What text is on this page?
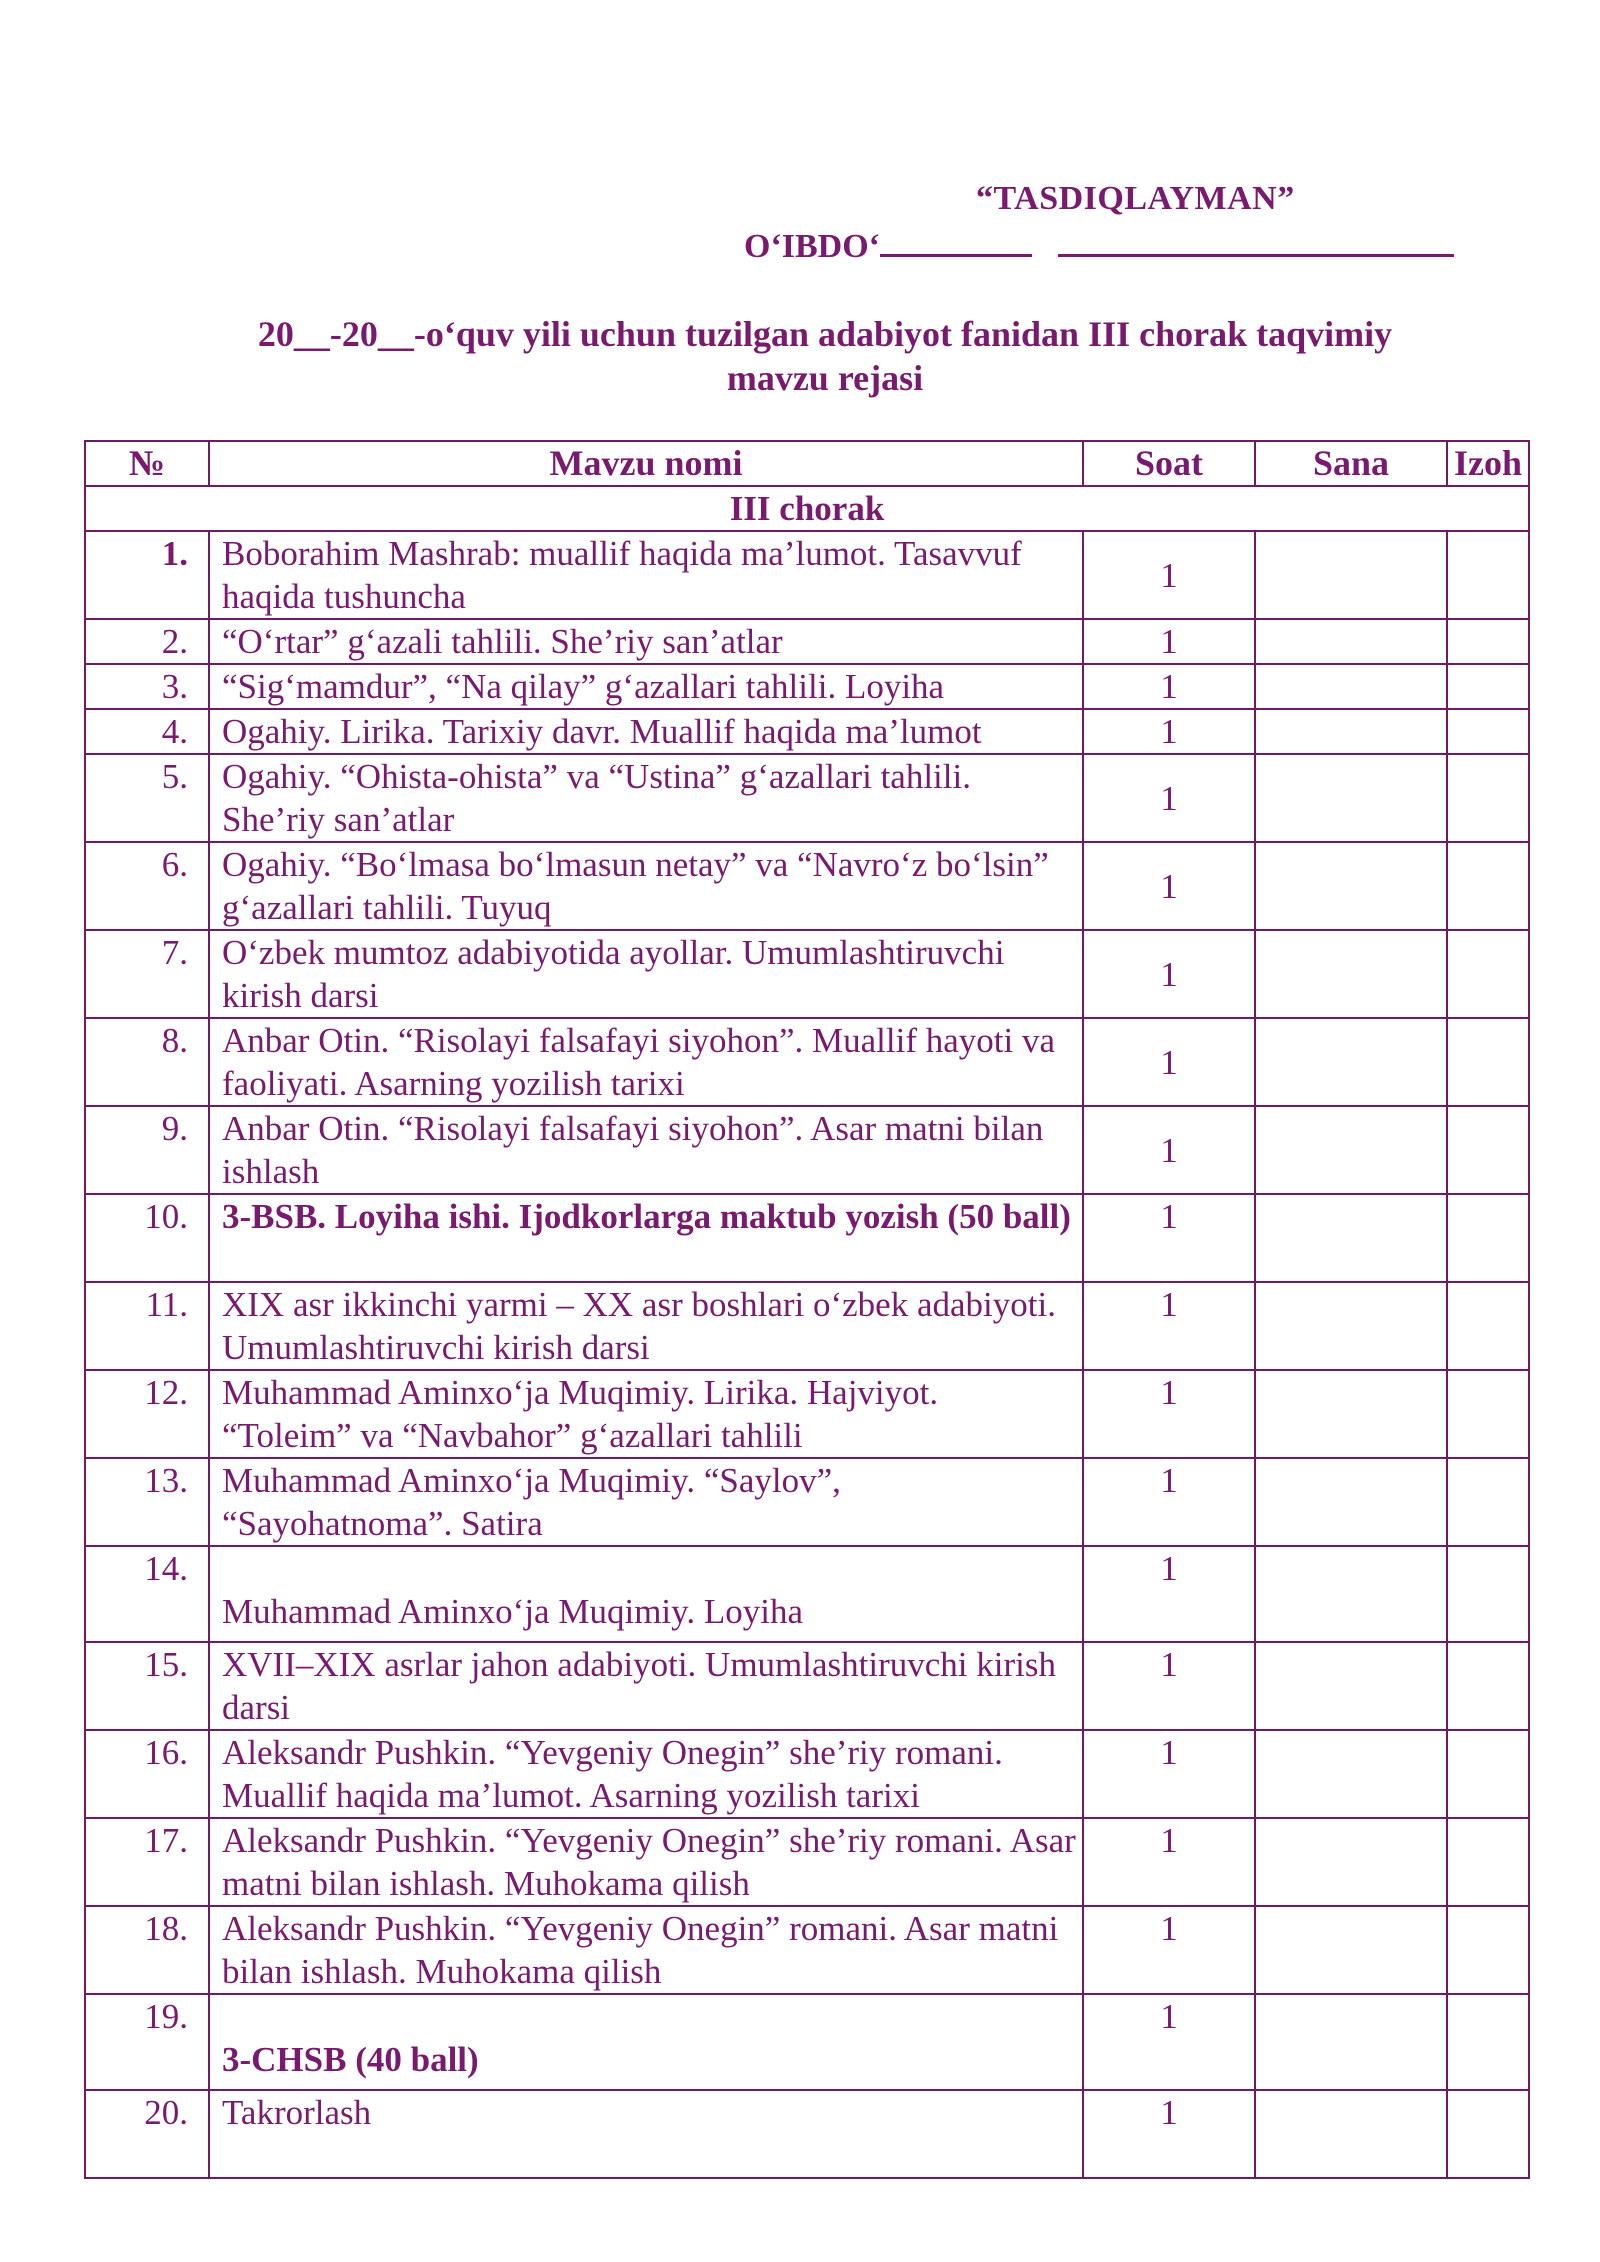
“TASDIQLAYMAN”
O‘IBDO‘
20__-20__-o‘quv yili uchun tuzilgan adabiyot fanidan III chorak taqvimiy
mavzu rejasi
№	Mavzu nomi	Soat	Sana	Izoh
III chorak				
1.	Boborahim Mashrab: muallif haqida ma’lumot. Tasavvuf haqida tushuncha	1		
2.	“O‘rtar” g‘azali tahlili. She’riy san’atlar	1		
3.	“Sig‘mamdur”, “Na qilay” g‘azallari tahlili. Loyiha	1		
4.	Ogahiy. Lirika. Tarixiy davr. Muallif haqida ma’lumot	1		
5.	Ogahiy. “Ohista-ohista” va “Ustina” g‘azallari tahlili. She’riy san’atlar	1		
6.	Ogahiy. “Bo‘lmasa bo‘lmasun netay” va “Navro‘z bo‘lsin” g‘azallari tahlili. Tuyuq	1		
7.	O‘zbek mumtoz adabiyotida ayollar. Umumlashtiruvchi kirish darsi	1		
8.	Anbar Otin. “Risolayi falsafayi siyohon”. Muallif hayoti va faoliyati. Asarning yozilish tarixi	1		
9.	Anbar Otin. “Risolayi falsafayi siyohon”. Asar matni bilan ishlash	1		
10.	3-BSB. Loyiha ishi. Ijodkorlarga maktub yozish (50 ball)	1		
11.	XIX asr ikkinchi yarmi – XX asr boshlari o‘zbek adabiyoti. Umumlashtiruvchi kirish darsi	1		
12.	Muhammad Aminxo‘ja Muqimiy. Lirika. Hajviyot. “Toleim” va “Navbahor” g‘azallari tahlili	1		
13.	Muhammad Aminxo‘ja Muqimiy. “Saylov”, “Sayohatnoma”. Satira	1		
14.	Muhammad Aminxo‘ja Muqimiy. Loyiha	1		
15.	XVII–XIX asrlar jahon adabiyoti. Umumlashtiruvchi kirish darsi	1		
16.	Aleksandr Pushkin. “Yevgeniy Onegin” she’riy romani. Muallif haqida ma’lumot. Asarning yozilish tarixi	1		
17.	Aleksandr Pushkin. “Yevgeniy Onegin” she’riy romani. Asar matni bilan ishlash. Muhokama qilish	1		
18.	Aleksandr Pushkin. “Yevgeniy Onegin” romani. Asar matni bilan ishlash. Muhokama qilish	1		
19.	3-CHSB (40 ball)	1		
20.	Takrorlash	1		
